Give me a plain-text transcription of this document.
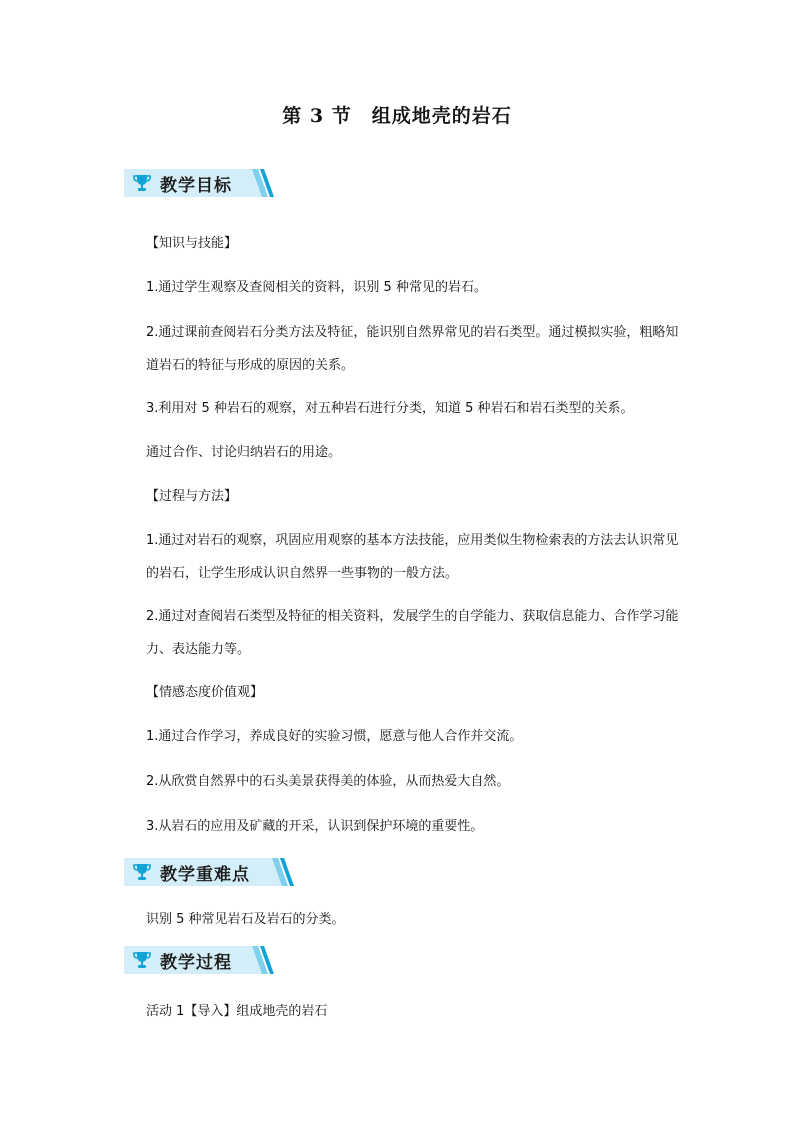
第 3 节　组成地壳的岩石
教学目标
【知识与技能】
1.通过学生观察及查阅相关的资料，识别 5 种常见的岩石。
2.通过课前查阅岩石分类方法及特征，能识别自然界常见的岩石类型。通过模拟实验，粗略知道岩石的特征与形成的原因的关系。
3.利用对 5 种岩石的观察，对五种岩石进行分类，知道 5 种岩石和岩石类型的关系。
通过合作、讨论归纳岩石的用途。
【过程与方法】
1.通过对岩石的观察，巩固应用观察的基本方法技能，应用类似生物检索表的方法去认识常见的岩石，让学生形成认识自然界一些事物的一般方法。
2.通过对查阅岩石类型及特征的相关资料，发展学生的自学能力、获取信息能力、合作学习能力、表达能力等。
【情感态度价值观】
1.通过合作学习，养成良好的实验习惯，愿意与他人合作并交流。
2.从欣赏自然界中的石头美景获得美的体验，从而热爱大自然。
3.从岩石的应用及矿藏的开采，认识到保护环境的重要性。
教学重难点
识别 5 种常见岩石及岩石的分类。
教学过程
活动 1【导入】组成地壳的岩石
